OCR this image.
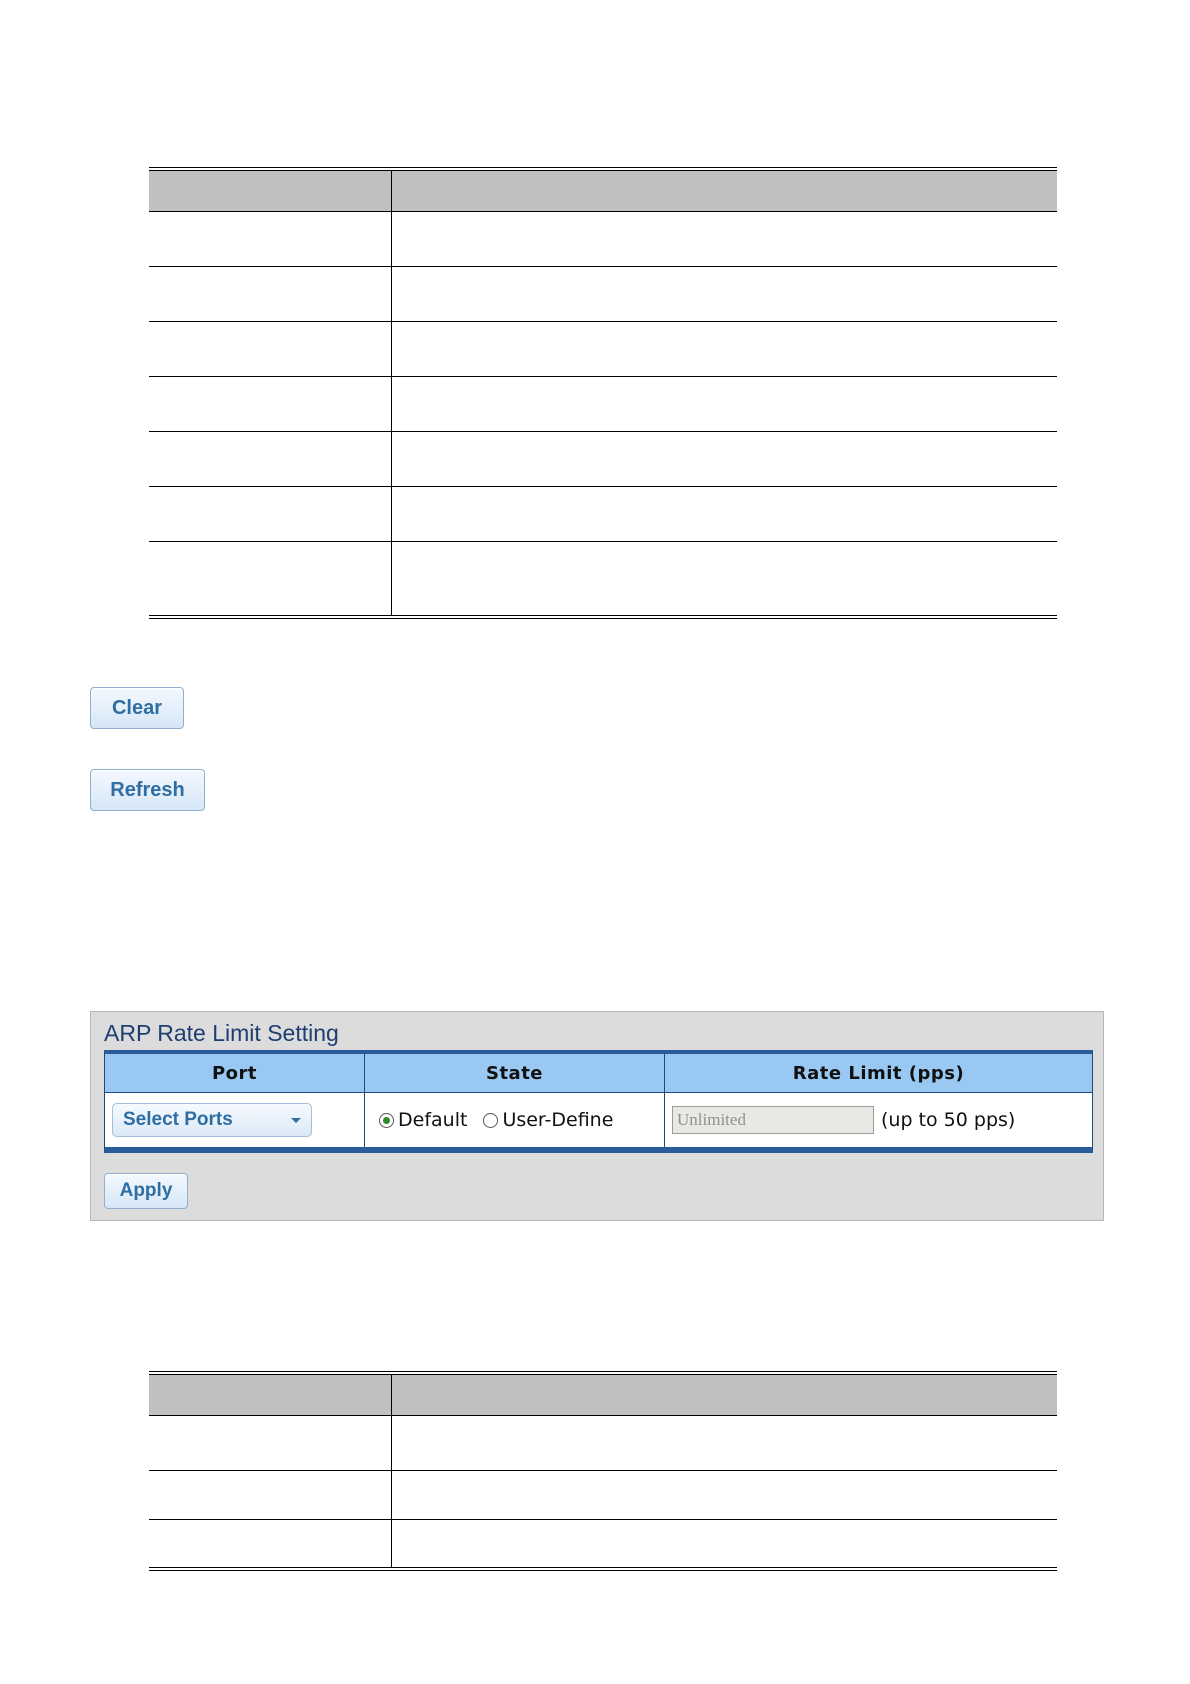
Clear
Refresh
ARP Rate Limit Setting
Port	State	Rate Limit (pps)
Select Ports	Default User-Define	Unlimited	(up to 50 pps)
Apply
